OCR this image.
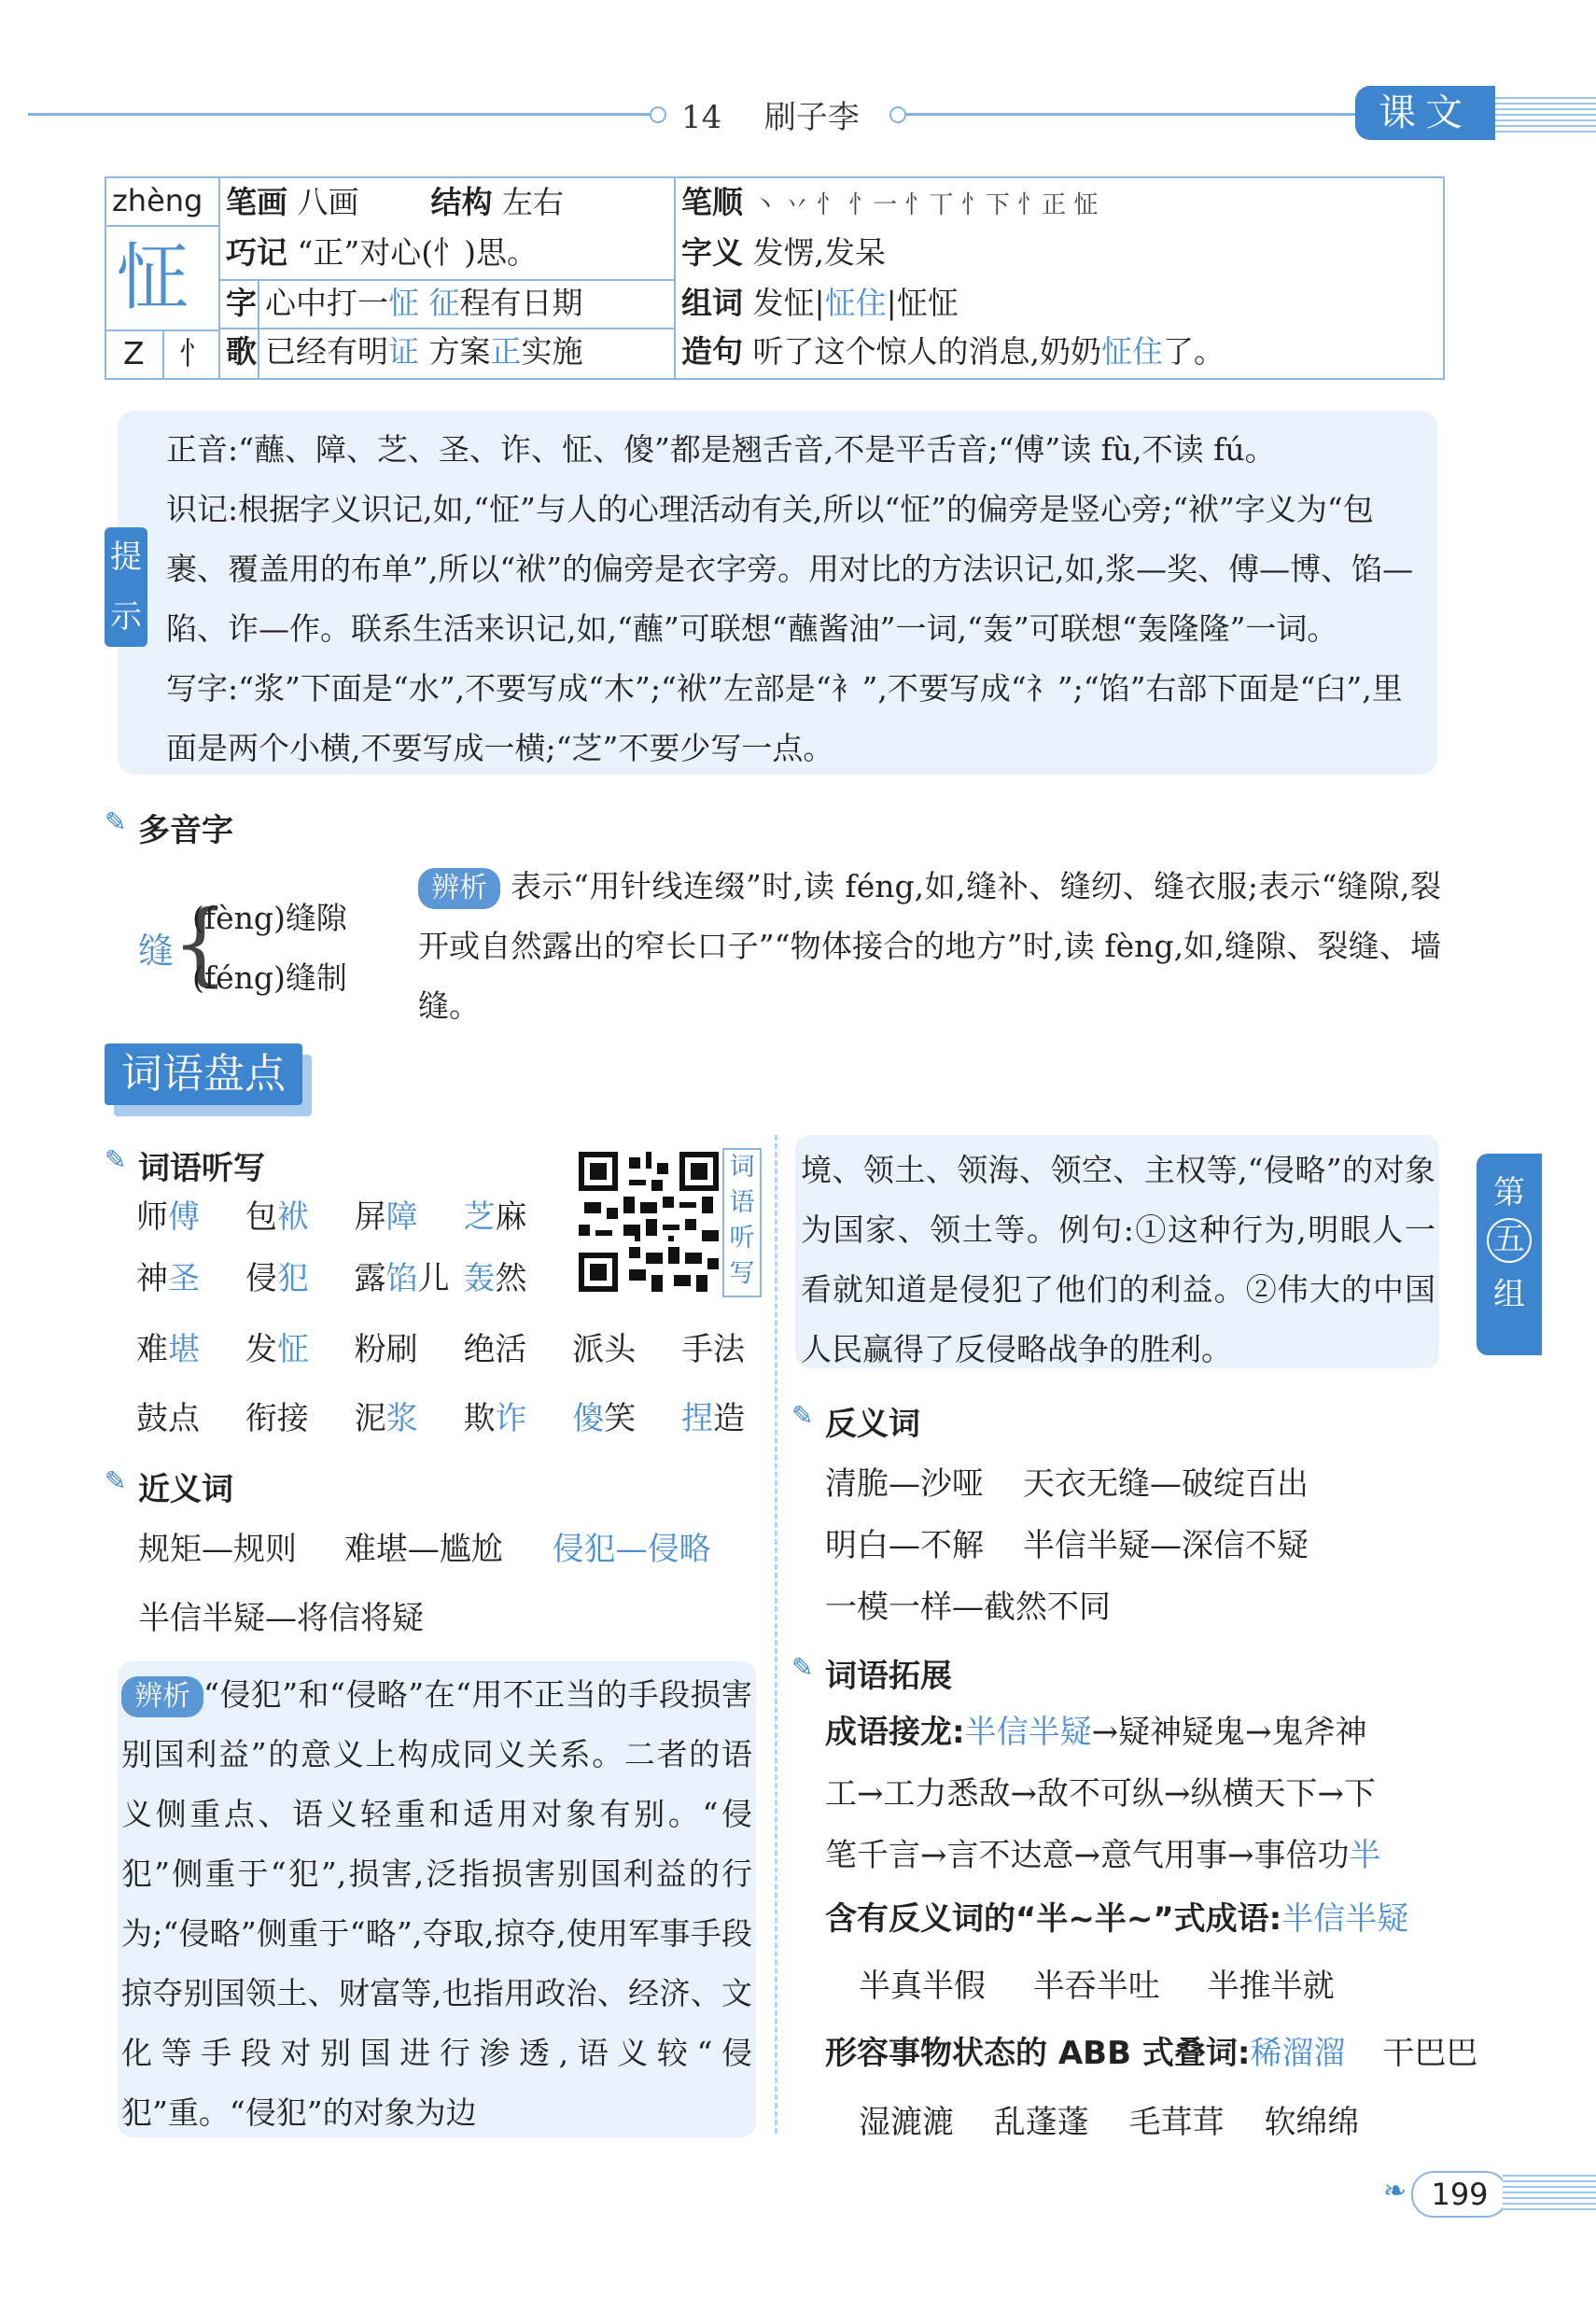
14 刷子李	课文
zhèng
怔
Z 忄
笔画 八画 结构 左右
巧记 “正”对心(忄)思。
字 心中打一怔 征程有日期
歌 已经有明证 方案正实施
笔顺 丶 丷 忄 忄一 忄丅 忄下 忄正 怔
字义 发愣,发呆
组词 发怔|怔住|怔怔
造句 听了这个惊人的消息,奶奶怔住了。

正音:“蘸、障、芝、圣、诈、怔、傻”都是翘舌音,不是平舌音;“傅”读 fù,不读 fú。

识记:根据字义识记,如,“怔”与人的心理活动有关,所以“怔”的偏旁是竖心旁;“袱”字义为“包裹、覆盖用的布单”,所以“袱”的偏旁是衣字旁。用对比的方法识记,如,浆—奖、傅—博、馅—陷、诈—作。联系生活来识记,如,“蘸”可联想“蘸酱油”一词,“轰”可联想“轰隆隆”一词。

写字:“浆”下面是“水”,不要写成“木”;“袱”左部是“衤”,不要写成“礻”;“馅”右部下面是“臼”,里面是两个小横,不要写成一横;“芝”不要少写一点。

提示
✎ 多音字
缝
{
(fèng)缝隙
(féng)缝制
辨析 表示“用针线连缀”时,读 féng,如,缝补、缝纫、缝衣服;表示“缝隙,裂开或自然露出的窄长口子”“物体接合的地方”时,读 fèng,如,缝隙、裂缝、墙缝。
词语盘点
✎ 词语听写
师傅 包袱 屏障 芝麻
神圣 侵犯 露馅儿 轰然
难堪 发怔 粉刷 绝活 派头 手法
鼓点 衔接 泥浆 欺诈 傻笑 捏造
词语听写
✎ 近义词
规矩—规则 难堪—尴尬 侵犯—侵略
半信半疑—将信将疑
辨析 “侵犯”和“侵略”在“用不正当的手段损害别国利益”的意义上构成同义关系。二者的语义侧重点、语义轻重和适用对象有别。“侵犯”侧重于“犯”,损害,泛指损害别国利益的行为;“侵略”侧重于“略”,夺取,掠夺,使用军事手段掠夺别国领土、财富等,也指用政治、经济、文化等手段对别国进行渗透,语义较“侵犯”重。“侵犯”的对象为边
境、领土、领海、领空、主权等,“侵略”的对象为国家、领土等。例句:①这种行为,明眼人一看就知道是侵犯了他们的利益。②伟大的中国人民赢得了反侵略战争的胜利。
✎ 反义词
清脆—沙哑 天衣无缝—破绽百出
明白—不解 半信半疑—深信不疑
一模一样—截然不同
✎ 词语拓展
成语接龙:半信半疑→疑神疑鬼→鬼斧神
工→工力悉敌→敌不可纵→纵横天下→下
笔千言→言不达意→意气用事→事倍功半
含有反义词的“半~半~”式成语:半信半疑
半真半假 半吞半吐 半推半就
形容事物状态的 ABB 式叠词:稀溜溜 干巴巴
湿漉漉 乱蓬蓬 毛茸茸 软绵绵
第
五
组
❧ 199
